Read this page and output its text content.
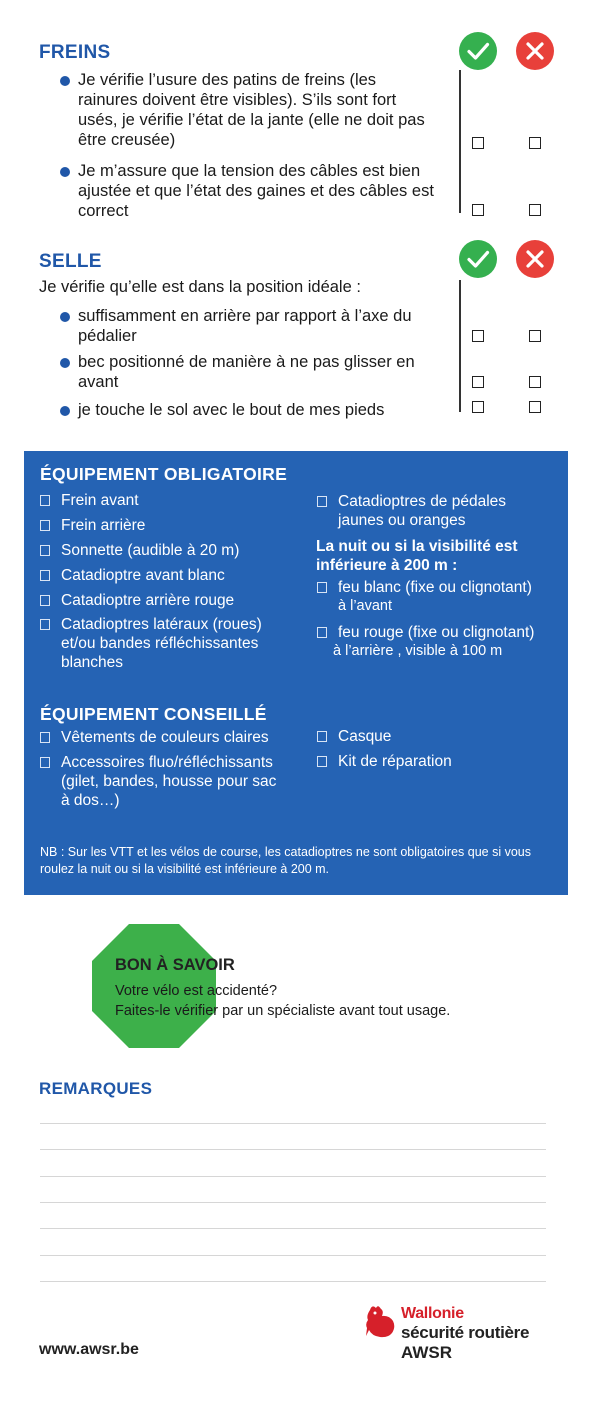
FREINS
Je vérifie l’usure des patins de freins (les rainures doivent être visibles). S’ils sont fort usés, je vérifie l’état de la jante (elle ne doit pas être creusée)
Je m’assure que la tension des câbles est bien ajustée et que l’état des gaines et des câbles est correct
SELLE
Je vérifie qu’elle est dans la position idéale :
suffisamment en arrière par rapport à l’axe du pédalier
bec positionné de manière à ne pas glisser en avant
je touche le sol avec le bout de mes pieds
ÉQUIPEMENT OBLIGATOIRE
Frein avant
Frein arrière
Sonnette (audible à 20 m)
Catadioptre avant blanc
Catadioptre arrière rouge
Catadioptres latéraux (roues) et/ou bandes réfléchissantes blanches
Catadioptres de pédales jaunes ou oranges
La nuit ou si la visibilité est inférieure à 200 m :
feu blanc (fixe ou clignotant)
à l’avant
feu rouge (fixe ou clignotant)
à l’arrière , visible à 100 m
ÉQUIPEMENT CONSEILLÉ
Vêtements de couleurs claires
Accessoires fluo/réfléchissants (gilet, bandes, housse pour sac à dos…)
Casque
Kit de réparation
NB : Sur les VTT et les vélos de course, les catadioptres ne sont obligatoires que si vous roulez la nuit ou si la visibilité est inférieure à 200 m.
BON À SAVOIR
Votre vélo est accidenté?
Faites-le vérifier par un spécialiste avant tout usage.
REMARQUES
www.awsr.be
Wallonie
sécurité routière
AWSR
